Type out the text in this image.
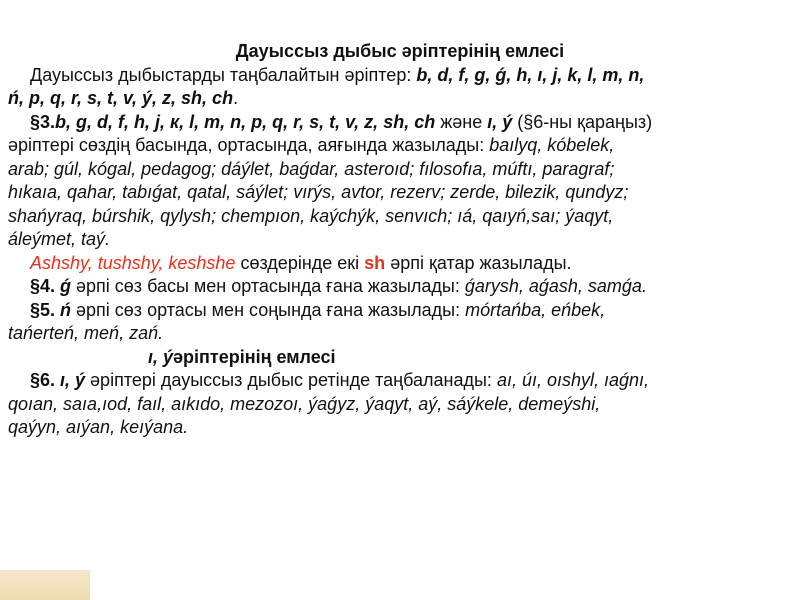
Дауыссыз дыбыс әріптерінің емлесі
Дауыссыз дыбыстарды таңбалайтын әріптер: b, d, f, g, ǵ, h, ı, j, k, l, m, n,
ń, p, q, r, s, t, v, ý, z, sh, ch.
§3.b, g, d, f, h, j, к, l, m, n, p, q, r, s, t, v, z, sh, ch және ı, ý (§6-ны қараңыз)
әріптері сөздің басында, ортасында, аяғында жазылады: baılyq, kóbelek,
arab; gúl, kógal, pedagog; dáýlet, baǵdar, asteroıd; fılosofıa, múftı, paragraf;
hıkaıa, qahar, tabıǵat, qatal, sáýlet; vırýs, avtor, rezerv; zerde, bilezik, qundyz;
shańyraq, búrshik, qylysh; chempıon, kaýchýk, senvıch; ıá, qaıyń,saı; ýaqyt,
áleýmet, taý.
Ashshy, tushshy, keshshe сөздерінде екі sh әрпі қатар жазылады.
§4. ǵ әрпі сөз басы мен ортасында ғана жазылады: ǵarysh, aǵash, samǵa.
§5. ń әрпі сөз ортасы мен соңында ғана жазылады: mórtańba, eńbek,
tańerteń, meń, zań.
ı, ýәріптерінің емлесі
§6. ı, ý әріптері дауыссыз дыбыс ретінде таңбаланады: aı, úı, oıshyl, ıaǵnı,
qoıan, saıa,ıod, faıl, aıkıdo, mezozoı, ýaǵyz, ýaqyt, aý, sáýkele, demeýshi,
qaýyn, aıýan, keıýana.
